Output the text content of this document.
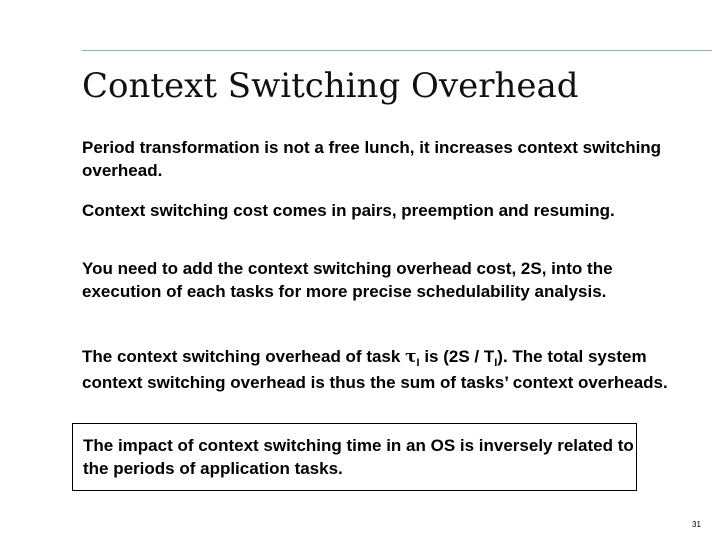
Context Switching Overhead

Period transformation is not a free lunch, it increases context switching overhead.

Context switching cost comes in pairs, preemption and resuming.

You need to add the context switching overhead cost, 2S, into the execution of each tasks for more precise schedulability analysis.

The context switching overhead of task $\tau_I$ is $(2S / T_I)$. The total system context switching overhead is thus the sum of tasks’ context overheads.

The impact of context switching time in an OS is inversely related to the periods of application tasks.

31
